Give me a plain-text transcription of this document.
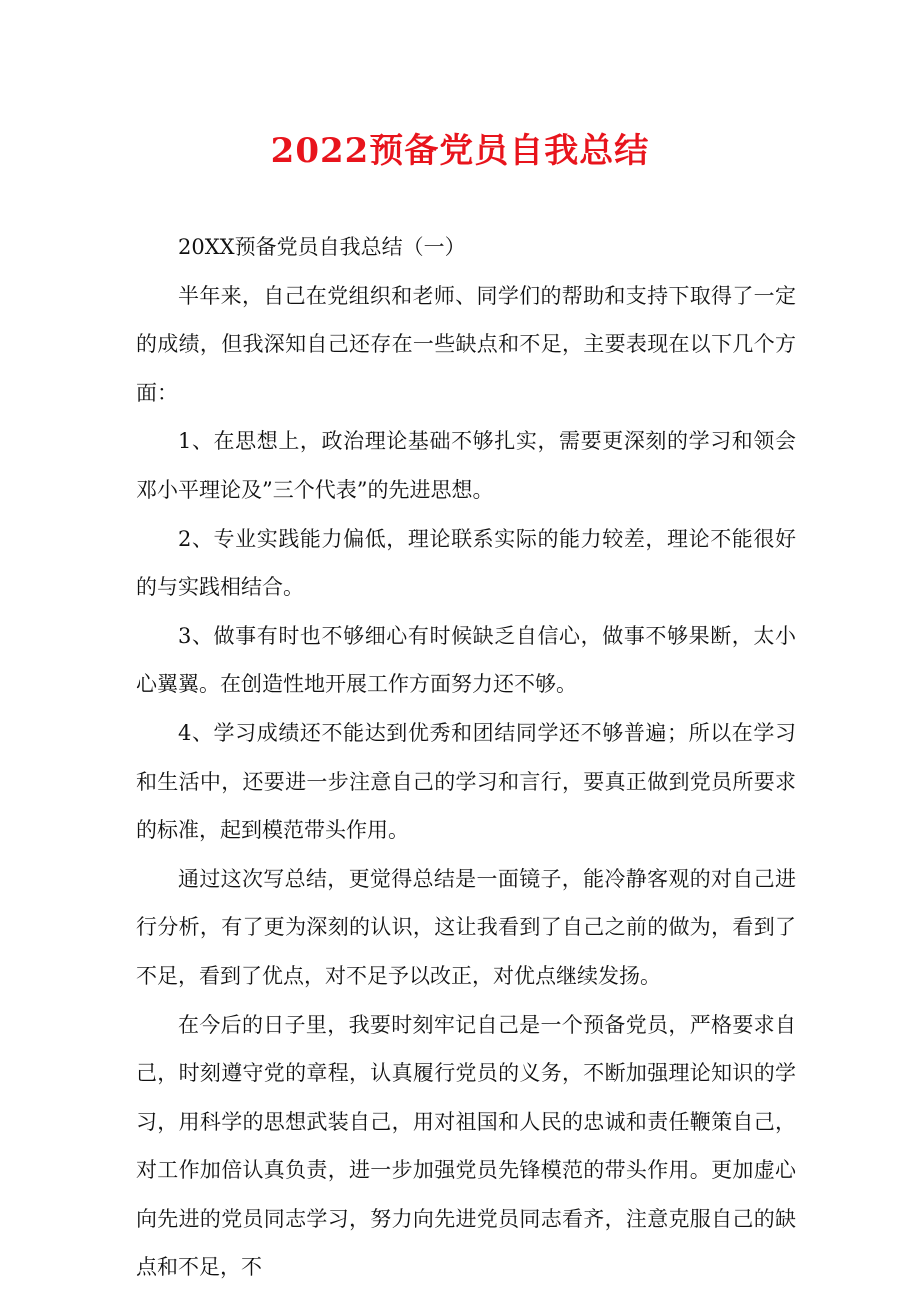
2022预备党员自我总结

20XX预备党员自我总结（一）

半年来，自己在党组织和老师、同学们的帮助和支持下取得了一定的成绩，但我深知自己还存在一些缺点和不足，主要表现在以下几个方面：

1、在思想上，政治理论基础不够扎实，需要更深刻的学习和领会邓小平理论及”三个代表”的先进思想。

2、专业实践能力偏低，理论联系实际的能力较差，理论不能很好的与实践相结合。

3、做事有时也不够细心有时候缺乏自信心，做事不够果断，太小心翼翼。在创造性地开展工作方面努力还不够。

4、学习成绩还不能达到优秀和团结同学还不够普遍；所以在学习和生活中，还要进一步注意自己的学习和言行，要真正做到党员所要求的标准，起到模范带头作用。

通过这次写总结，更觉得总结是一面镜子，能冷静客观的对自己进行分析，有了更为深刻的认识，这让我看到了自己之前的做为，看到了不足，看到了优点，对不足予以改正，对优点继续发扬。

在今后的日子里，我要时刻牢记自己是一个预备党员，严格要求自己，时刻遵守党的章程，认真履行党员的义务，不断加强理论知识的学习，用科学的思想武装自己，用对祖国和人民的忠诚和责任鞭策自己，对工作加倍认真负责，进一步加强党员先锋模范的带头作用。更加虚心向先进的党员同志学习，努力向先进党员同志看齐，注意克服自己的缺点和不足，不
